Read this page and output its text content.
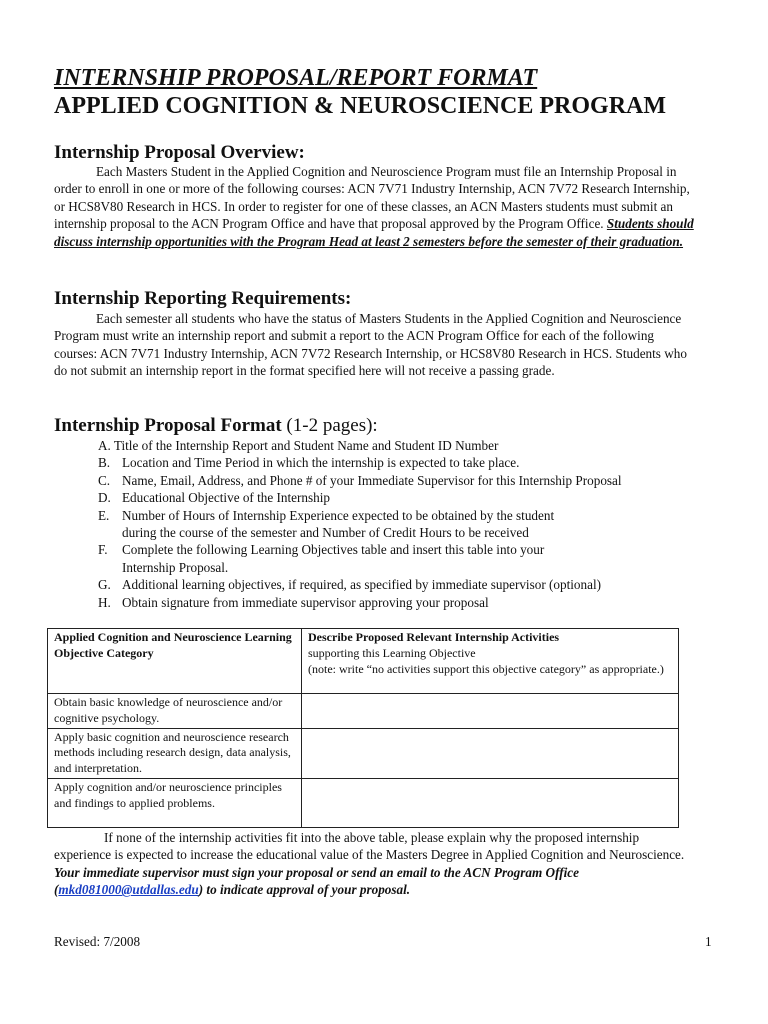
INTERNSHIP PROPOSAL/REPORT FORMAT
APPLIED COGNITION & NEUROSCIENCE PROGRAM
Internship Proposal Overview:
Each Masters Student in the Applied Cognition and Neuroscience Program must file an Internship Proposal in order to enroll in one or more of the following courses: ACN 7V71 Industry Internship, ACN 7V72 Research Internship, or HCS8V80 Research in HCS. In order to register for one of these classes, an ACN Masters students must submit an internship proposal to the ACN Program Office and have that proposal approved by the Program Office. Students should discuss internship opportunities with the Program Head at least 2 semesters before the semester of their graduation.
Internship Reporting Requirements:
Each semester all students who have the status of Masters Students in the Applied Cognition and Neuroscience Program must write an internship report and submit a report to the ACN Program Office for each of the following courses: ACN 7V71 Industry Internship, ACN 7V72 Research Internship, or HCS8V80 Research in HCS. Students who do not submit an internship report in the format specified here will not receive a passing grade.
Internship Proposal Format (1-2 pages):
A. Title of the Internship Report and Student Name and Student ID Number
B. Location and Time Period in which the internship is expected to take place.
C. Name, Email, Address, and Phone # of your Immediate Supervisor for this Internship Proposal
D. Educational Objective of the Internship
E. Number of Hours of Internship Experience expected to be obtained by the student during the course of the semester and Number of Credit Hours to be received
F. Complete the following Learning Objectives table and insert this table into your Internship Proposal.
G. Additional learning objectives, if required, as specified by immediate supervisor (optional)
H. Obtain signature from immediate supervisor approving your proposal
Applied Cognition and Neuroscience Learning Objective Category	Describe Proposed Relevant Internship Activities
supporting this Learning Objective
(note: write “no activities support this objective category” as appropriate.)
Obtain basic knowledge of neuroscience and/or cognitive psychology.	
Apply basic cognition and neuroscience research methods including research design, data analysis, and interpretation.	
Apply cognition and/or neuroscience principles and findings to applied problems.	
If none of the internship activities fit into the above table, please explain why the proposed internship experience is expected to increase the educational value of the Masters Degree in Applied Cognition and Neuroscience. Your immediate supervisor must sign your proposal or send an email to the ACN Program Office (mkd081000@utdallas.edu) to indicate approval of your proposal.
Revised: 7/2008	1
